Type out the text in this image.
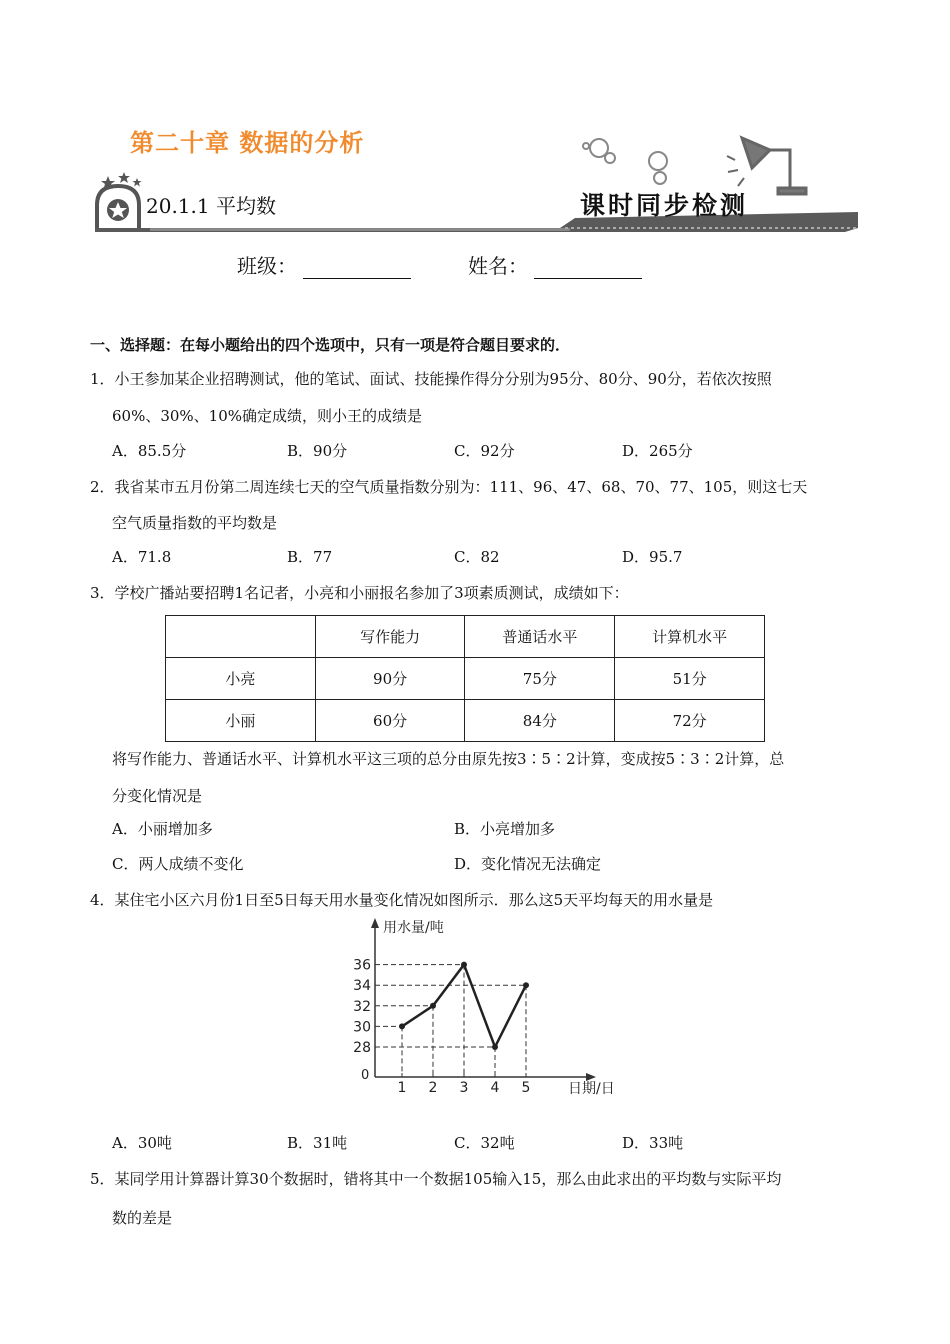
第二十章 数据的分析
20.1.1 平均数	课时同步检测
班级：	姓名：
一、选择题：在每小题给出的四个选项中，只有一项是符合题目要求的．
1．小王参加某企业招聘测试，他的笔试、面试、技能操作得分分别为95分、80分、90分，若依次按照
60%、30%、10%确定成绩，则小王的成绩是
A．85.5分	B．90分	C．92分	D．265分
2．我省某市五月份第二周连续七天的空气质量指数分别为：111、96、47、68、70、77、105，则这七天
空气质量指数的平均数是
A．71.8	B．77	C．82	D．95.7
3．学校广播站要招聘1名记者，小亮和小丽报名参加了3项素质测试，成绩如下：
	写作能力	普通话水平	计算机水平
小亮	90分	75分	51分
小丽	60分	84分	72分
将写作能力、普通话水平、计算机水平这三项的总分由原先按3∶5∶2计算，变成按5∶3∶2计算，总
分变化情况是
A．小丽增加多	B．小亮增加多
C．两人成绩不变化	D．变化情况无法确定
4．某住宅小区六月份1日至5日每天用水量变化情况如图所示．那么这5天平均每天的用水量是
用水量/吨
日期/日
0
28
30
32
34
36
1 2 3 4 5
A．30吨	B．31吨	C．32吨	D．33吨
5．某同学用计算器计算30个数据时，错将其中一个数据105输入15，那么由此求出的平均数与实际平均
数的差是
